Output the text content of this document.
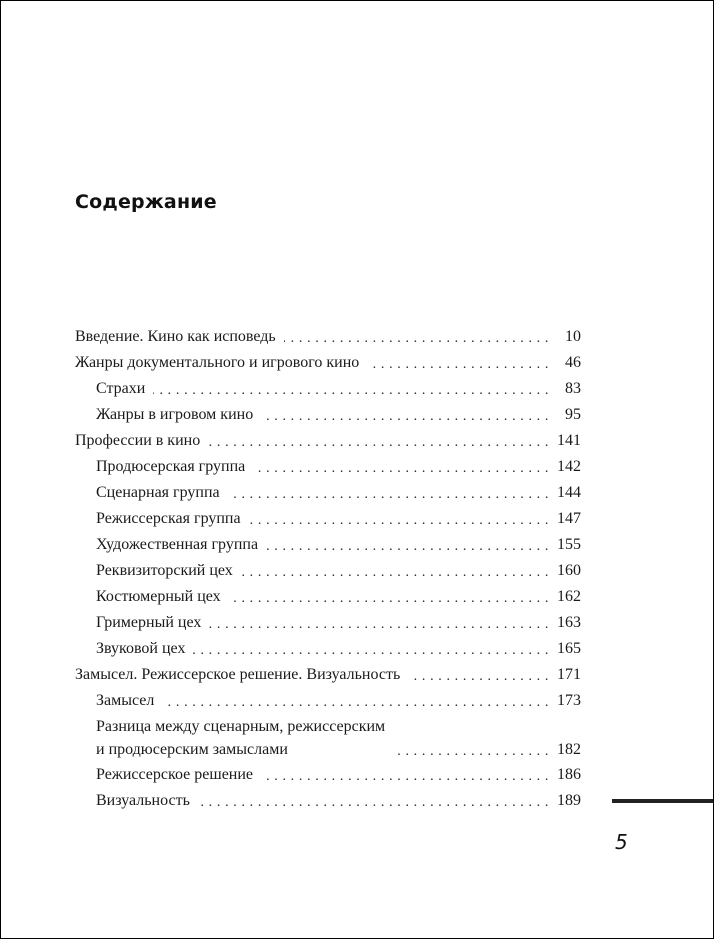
Содержание
Введение. Кино как исповедь . . .	10
Жанры документального и игрового кино . . .	46
Страхи . . .	83
Жанры в игровом кино . . .	95
Профессии в кино . . .	141
Продюсерская группа . . .	142
Сценарная группа . . .	144
Режиссерская группа . . .	147
Художественная группа . . .	155
Реквизиторский цех . . .	160
Костюмерный цех . . .	162
Гримерный цех . . .	163
Звуковой цех . . .	165
Замысел. Режиссерское решение. Визуальность . . .	171
Замысел . . .	173
Разница между сценарным, режиссерским
и продюсерским замыслами . . .	182
Режиссерское решение . . .	186
Визуальность . . .	189
5
